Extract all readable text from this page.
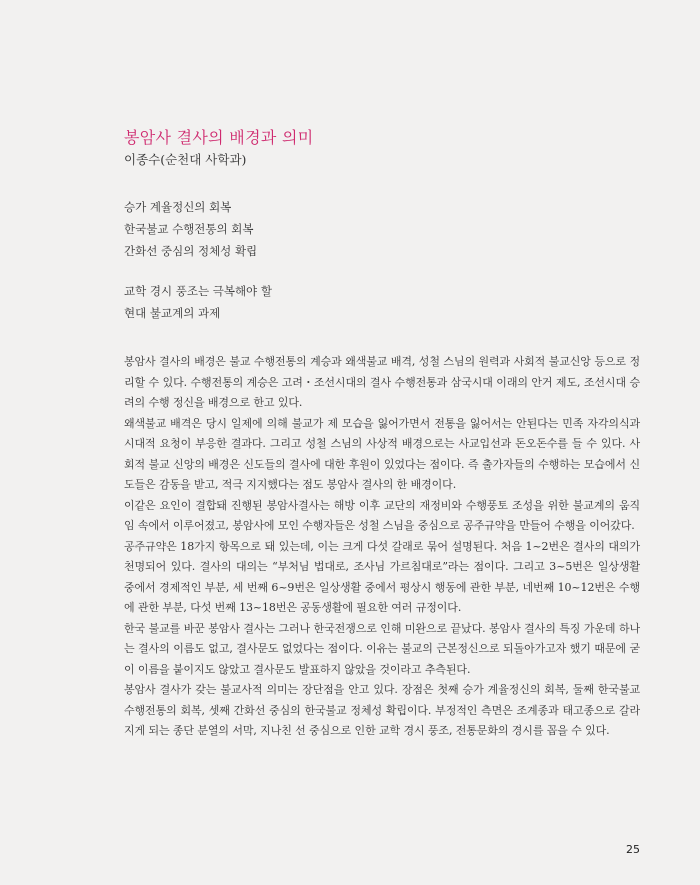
봉암사 결사의 배경과 의미
이종수(순천대 사학과)
승가 계율정신의 회복
한국불교 수행전통의 회복
간화선 중심의 정체성 확립
교학 경시 풍조는 극복해야 할
현대 불교계의 과제

봉암사 결사의 배경은 불교 수행전통의 계승과 왜색불교 배격, 성철 스님의 원력과 사회적 불교신앙 등으로 정리할 수 있다. 수행전통의 계승은 고려・조선시대의 결사 수행전통과 삼국시대 이래의 안거 제도, 조선시대 승려의 수행 정신을 배경으로 한고 있다.

왜색불교 배격은 당시 일제에 의해 불교가 제 모습을 잃어가면서 전통을 잃어서는 안된다는 민족 자각의식과 시대적 요청이 부응한 결과다. 그리고 성철 스님의 사상적 배경으로는 사교입선과 돈오돈수를 들 수 있다. 사회적 불교 신앙의 배경은 신도들의 결사에 대한 후원이 있었다는 점이다. 즉 출가자들의 수행하는 모습에서 신도들은 감동을 받고, 적극 지지했다는 점도 봉암사 결사의 한 배경이다.

이같은 요인이 결합돼 진행된 봉암사결사는 해방 이후 교단의 재정비와 수행풍토 조성을 위한 불교계의 움직임 속에서 이루어졌고, 봉암사에 모인 수행자들은 성철 스님을 중심으로 공주규약을 만들어 수행을 이어갔다.

공주규약은 18가지 항목으로 돼 있는데, 이는 크게 다섯 갈래로 묶어 설명된다. 처음 1~2번은 결사의 대의가 천명되어 있다. 결사의 대의는 “부처님 법대로, 조사님 가르침대로”라는 점이다. 그리고 3~5번은 일상생활 중에서 경제적인 부분, 세 번째 6~9번은 일상생활 중에서 평상시 행동에 관한 부분, 네번째 10~12번은 수행에 관한 부분, 다섯 번째 13~18번은 공동생활에 필요한 여러 규정이다.

한국 불교를 바꾼 봉암사 결사는 그러나 한국전쟁으로 인해 미완으로 끝났다. 봉암사 결사의 특징 가운데 하나는 결사의 이름도 없고, 결사문도 없었다는 점이다. 이유는 불교의 근본정신으로 되돌아가고자 했기 때문에 굳이 이름을 붙이지도 않았고 결사문도 발표하지 않았을 것이라고 추측된다.

봉암사 결사가 갖는 불교사적 의미는 장단점을 안고 있다. 장점은 첫째 승가 계율정신의 회복, 둘째 한국불교 수행전통의 회복, 셋째 간화선 중심의 한국불교 정체성 확립이다. 부정적인 측면은 조계종과 태고종으로 갈라지게 되는 종단 분열의 서막, 지나친 선 중심으로 인한 교학 경시 풍조, 전통문화의 경시를 꼽을 수 있다.

25
